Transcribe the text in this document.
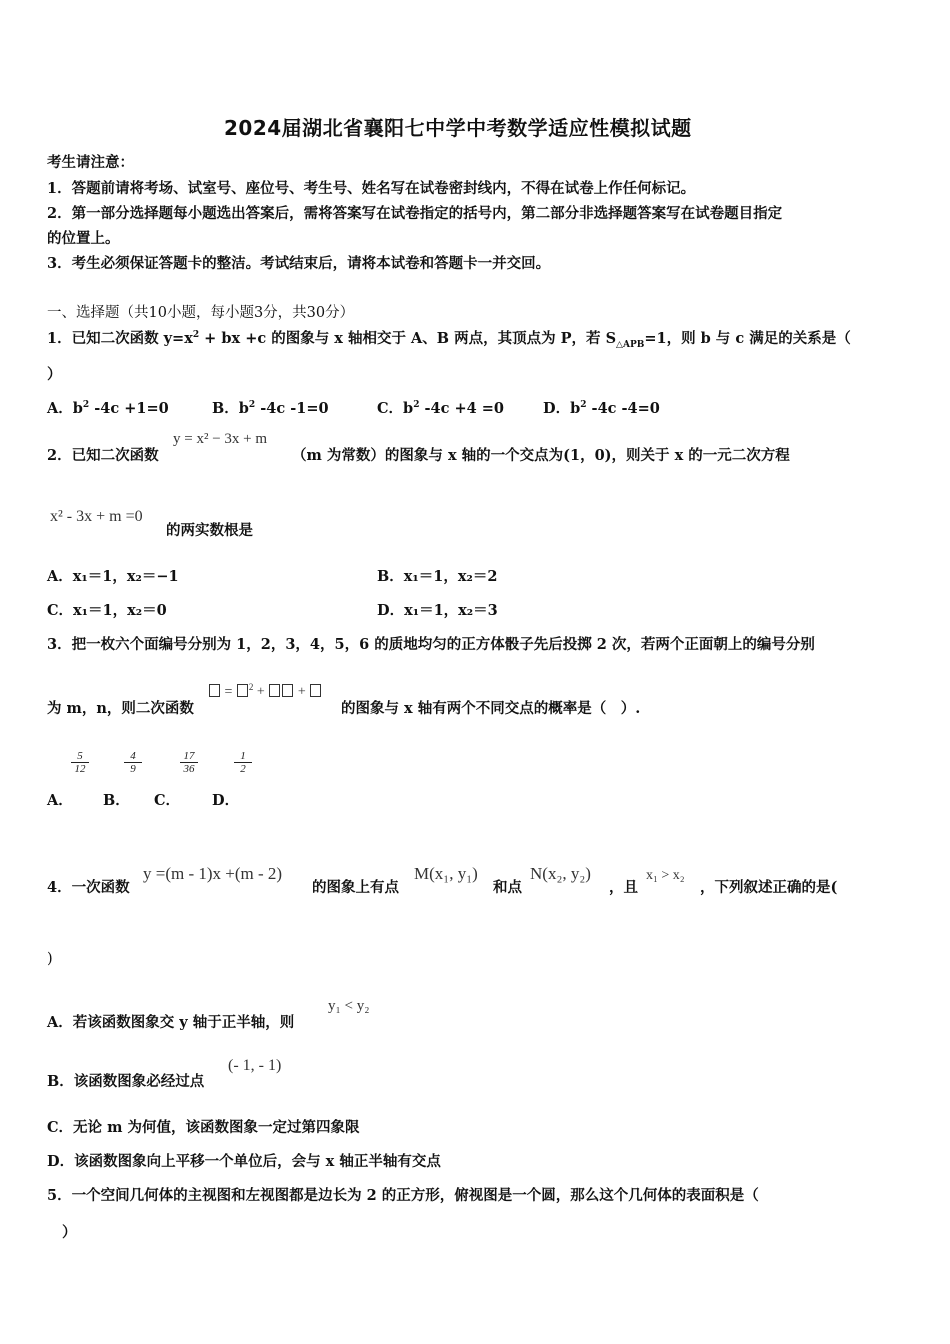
2024届湖北省襄阳七中学中考数学适应性模拟试题
考生请注意：
1．答题前请将考场、试室号、座位号、考生号、姓名写在试卷密封线内，不得在试卷上作任何标记。
2．第一部分选择题每小题选出答案后，需将答案写在试卷指定的括号内，第二部分非选择题答案写在试卷题目指定
的位置上。
3．考生必须保证答题卡的整洁。考试结束后，请将本试卷和答题卡一并交回。
一、选择题（共10小题，每小题3分，共30分）
1．已知二次函数 $y=x^2$ + bx +c 的图象与 x 轴相交于 A、B 两点，其顶点为 P，若 $S_{\triangle APB}=1$，则 b 与 c 满足的关系是（
）
A．$b^2$ -4c +1=0	B．$b^2$ -4c -1=0	C．$b^2$ -4c +4 =0	D．$b^2$ -4c -4=0
2．已知二次函数
y = x² − 3x + m
（m 为常数）的图象与 x 轴的一个交点为(1，0)，则关于 x 的一元二次方程
x² - 3x + m =0
的两实数根是
A．x₁＝1，x₂＝−1	B．x₁＝1，x₂＝2
C．x₁＝1，x₂＝0	D．x₁＝1，x₂＝3
3．把一枚六个面编号分别为 1，2，3，4，5，6 的质地均匀的正方体骰子先后投掷 2 次，若两个正面朝上的编号分别
为 m，n，则二次函数
= $^2$ +  +
的图象与 x 轴有两个不同交点的概率是（　）.
$\frac{5}{12}$	$\frac{4}{9}$	$\frac{17}{36}$	$\frac{1}{2}$
A． B． C． D．
4．一次函数
y =(m - 1)x +(m - 2)
的图象上有点
M(x₁, y₁)
和点
N(x₂, y₂)
，且
x₁ > x₂
，下列叙述正确的是(
)
A．若该函数图象交 y 轴于正半轴，则
y₁ < y₂
B．该函数图象必经过点
(- 1, - 1)
C．无论 m 为何值，该函数图象一定过第四象限
D．该函数图象向上平移一个单位后，会与 x 轴正半轴有交点
5．一个空间几何体的主视图和左视图都是边长为 2 的正方形，俯视图是一个圆，那么这个几何体的表面积是（
）
